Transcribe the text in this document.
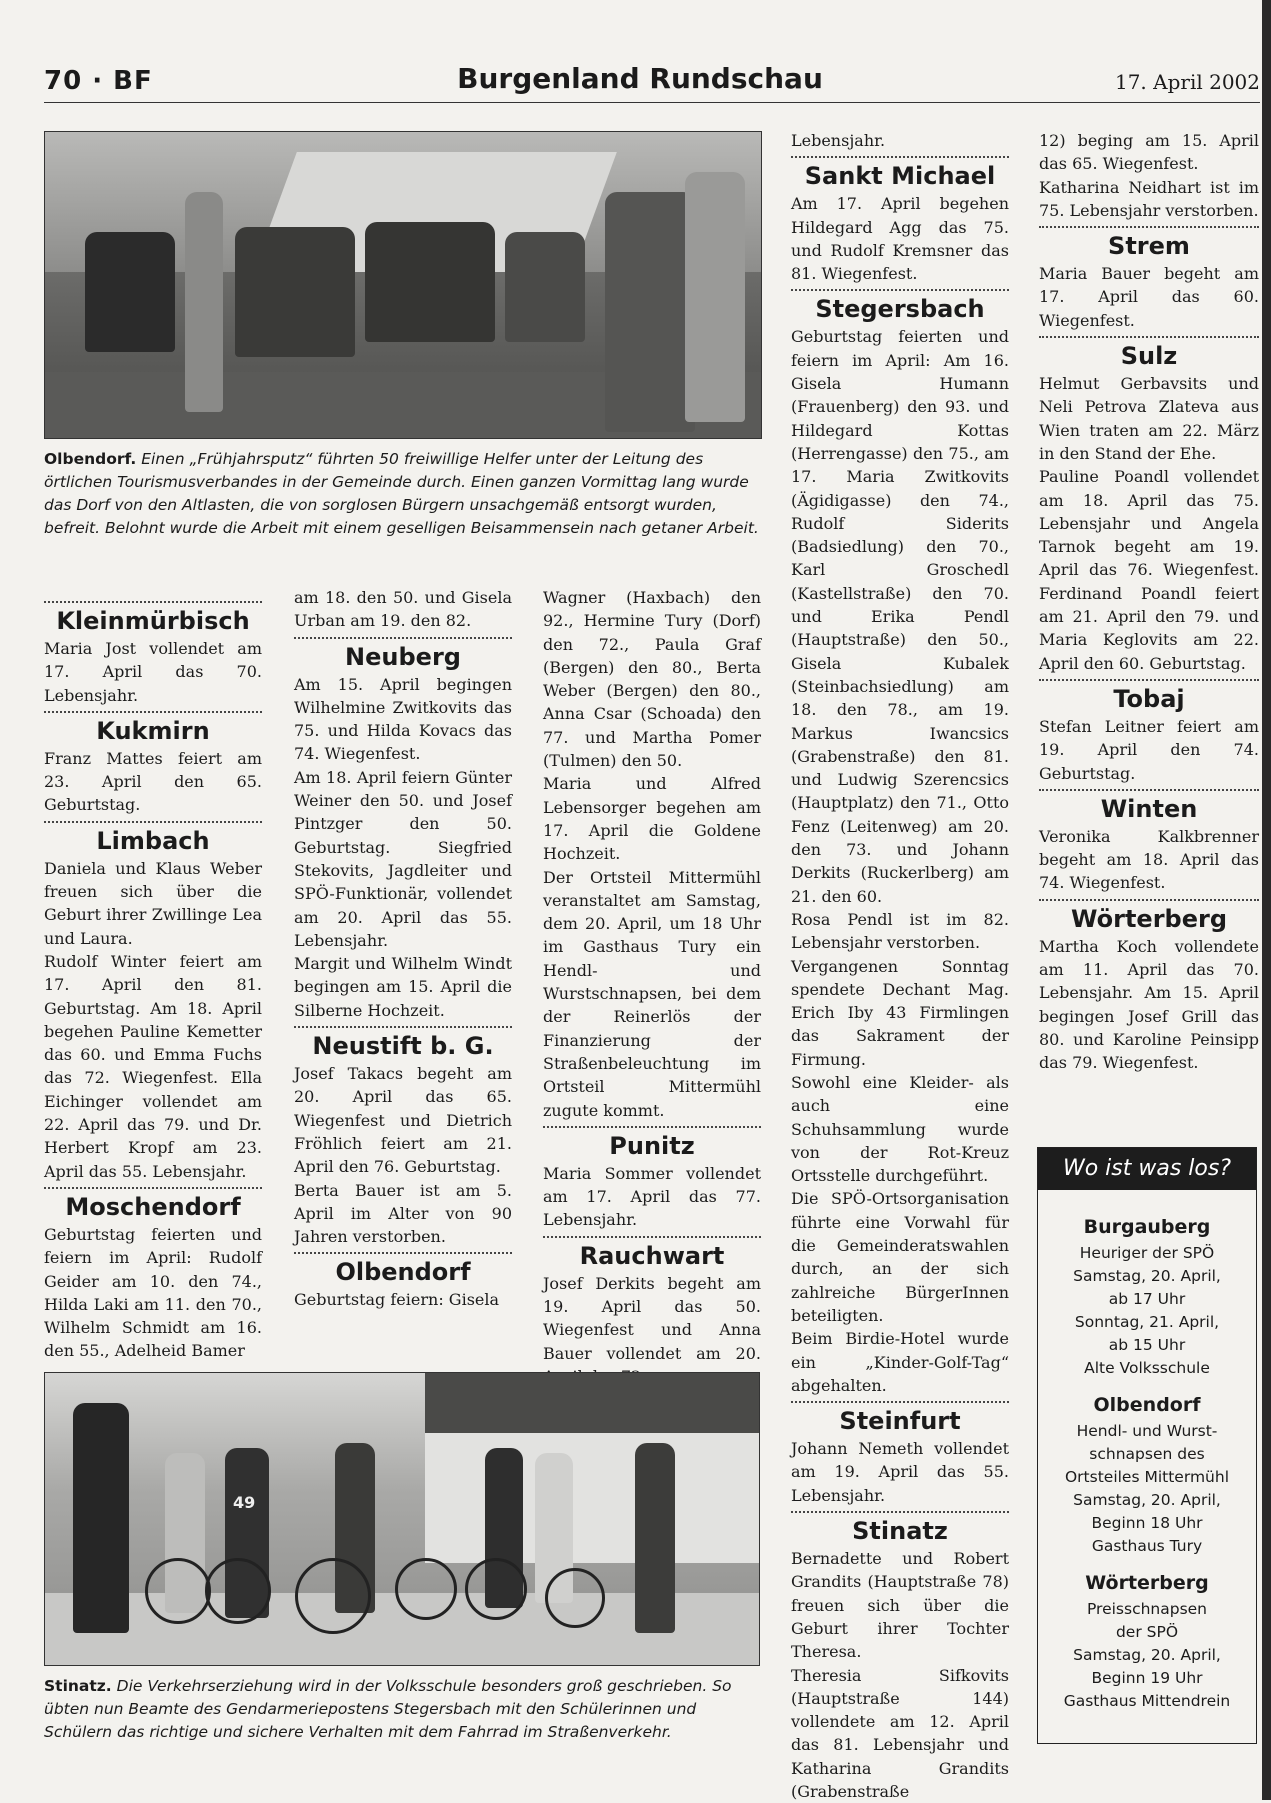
70 · BF	Burgenland Rundschau	17. April 2002
Olbendorf. Einen „Frühjahrsputz“ führten 50 freiwillige Helfer unter der Leitung des örtlichen Tourismusverbandes in der Gemeinde durch. Einen ganzen Vormittag lang wurde das Dorf von den Altlasten, die von sorglosen Bürgern unsachgemäß entsorgt wurden, befreit. Belohnt wurde die Arbeit mit einem geselligen Beisammensein nach getaner Arbeit.
Kleinmürbisch

Maria Jost vollendet am 17. April das 70. Lebensjahr.

Kukmirn

Franz Mattes feiert am 23. April den 65. Geburtstag.

Limbach

Daniela und Klaus Weber freuen sich über die Geburt ihrer Zwillinge Lea und Laura.

Rudolf Winter feiert am 17. April den 81. Geburtstag. Am 18. April begehen Pauline Kemetter das 60. und Emma Fuchs das 72. Wiegenfest. Ella Eichinger vollendet am 22. April das 79. und Dr. Herbert Kropf am 23. April das 55. Lebensjahr.

Moschendorf

Geburtstag feierten und feiern im April: Rudolf Geider am 10. den 74., Hilda Laki am 11. den 70., Wilhelm Schmidt am 16. den 55., Adelheid Bamer

am 18. den 50. und Gisela Urban am 19. den 82.

Neuberg

Am 15. April begingen Wilhelmine Zwitkovits das 75. und Hilda Kovacs das 74. Wiegenfest.

Am 18. April feiern Günter Weiner den 50. und Josef Pintzger den 50. Geburtstag. Siegfried Stekovits, Jagdleiter und SPÖ-Funktionär, vollendet am 20. April das 55. Lebensjahr.

Margit und Wilhelm Windt begingen am 15. April die Silberne Hochzeit.

Neustift b. G.

Josef Takacs begeht am 20. April das 65. Wiegenfest und Dietrich Fröhlich feiert am 21. April den 76. Geburtstag.

Berta Bauer ist am 5. April im Alter von 90 Jahren verstorben.

Olbendorf

Geburtstag feiern: Gisela

Wagner (Haxbach) den 92., Hermine Tury (Dorf) den 72., Paula Graf (Bergen) den 80., Berta Weber (Bergen) den 80., Anna Csar (Schoada) den 77. und Martha Pomer (Tulmen) den 50.

Maria und Alfred Lebensorger begehen am 17. April die Goldene Hochzeit.

Der Ortsteil Mittermühl veranstaltet am Samstag, dem 20. April, um 18 Uhr im Gasthaus Tury ein Hendl- und Wurstschnapsen, bei dem der Reinerlös der Finanzierung der Straßenbeleuchtung im Ortsteil Mittermühl zugute kommt.

Punitz

Maria Sommer vollendet am 17. April das 77. Lebensjahr.

Rauchwart

Josef Derkits begeht am 19. April das 50. Wiegenfest und Anna Bauer vollendet am 20.

Lebensjahr.

Sankt Michael

Am 17. April begehen Hildegard Agg das 75. und Rudolf Kremsner das 81. Wiegenfest.

Stegersbach

Geburtstag feierten und feiern im April: Am 16. Gisela Humann (Frauenberg) den 93. und Hildegard Kottas (Herrengasse) den 75., am 17. Maria Zwitkovits (Ägidigasse) den 74., Rudolf Siderits (Badsiedlung) den 70., Karl Groschedl (Kastellstraße) den 70. und Erika Pendl (Hauptstraße) den 50., Gisela Kubalek (Steinbachsiedlung) am 18. den 78., am 19. Markus Iwancsics (Grabenstraße) den 81. und Ludwig Szerencsics (Hauptplatz) den 71., Otto Fenz (Leitenweg) am 20. den 73. und Johann Derkits (Ruckerlberg) am 21. den 60.

Rosa Pendl ist im 82. Lebensjahr verstorben.

Vergangenen Sonntag spendete Dechant Mag. Erich Iby 43 Firmlingen das Sakrament der Firmung.

Sowohl eine Kleider- als auch eine Schuhsammlung wurde von der Rot-Kreuz Ortsstelle durchgeführt.

Die SPÖ-Ortsorganisation führte eine Vorwahl für die Gemeinderatswahlen durch, an der sich zahlreiche BürgerInnen beteiligten.

Beim Birdie-Hotel wurde ein „Kinder-Golf-Tag“ abgehalten.

Steinfurt

Johann Nemeth vollendet am 19. April das 55. Lebensjahr.

Stinatz

Bernadette und Robert Grandits (Hauptstraße 78) freuen sich über die Geburt ihrer Tochter Theresa.

Theresia Sifkovits (Hauptstraße 144) vollendete am 12. April das 81. Lebensjahr und Katharina Grandits (Grabenstraße

12) beging am 15. April das 65. Wiegenfest.

Katharina Neidhart ist im 75. Lebensjahr verstorben.

Strem

Maria Bauer begeht am 17. April das 60. Wiegenfest.

Sulz

Helmut Gerbavsits und Neli Petrova Zlateva aus Wien traten am 22. März in den Stand der Ehe.

Pauline Poandl vollendet am 18. April das 75. Lebensjahr und Angela Tarnok begeht am 19. April das 76. Wiegenfest. Ferdinand Poandl feiert am 21. April den 79. und Maria Keglovits am 22. April den 60. Geburtstag.

Tobaj

Stefan Leitner feiert am 19. April den 74. Geburtstag.

Winten

Veronika Kalkbrenner begeht am 18. April das 74. Wiegenfest.

Wörterberg

Martha Koch vollendete am 11. April das 70. Lebensjahr. Am 15. April begingen Josef Grill das 80. und Karoline Peinsipp das 79. Wiegenfest.

Wo ist was los?
Burgauberg

Heuriger der SPÖ

Samstag, 20. April,

ab 17 Uhr

Sonntag, 21. April,

ab 15 Uhr

Alte Volksschule

Olbendorf

Hendl- und Wurst-

schnapsen des

Ortsteiles Mittermühl

Samstag, 20. April,

Beginn 18 Uhr

Gasthaus Tury

Wörterberg

Preisschnapsen

der SPÖ

Samstag, 20. April,

Beginn 19 Uhr

Gasthaus Mittendrein

49
Stinatz. Die Verkehrserziehung wird in der Volksschule besonders groß geschrieben. So übten nun Beamte des Gendarmeriepostens Stegersbach mit den Schülerinnen und Schülern das richtige und sichere Verhalten mit dem Fahrrad im Straßenverkehr.
